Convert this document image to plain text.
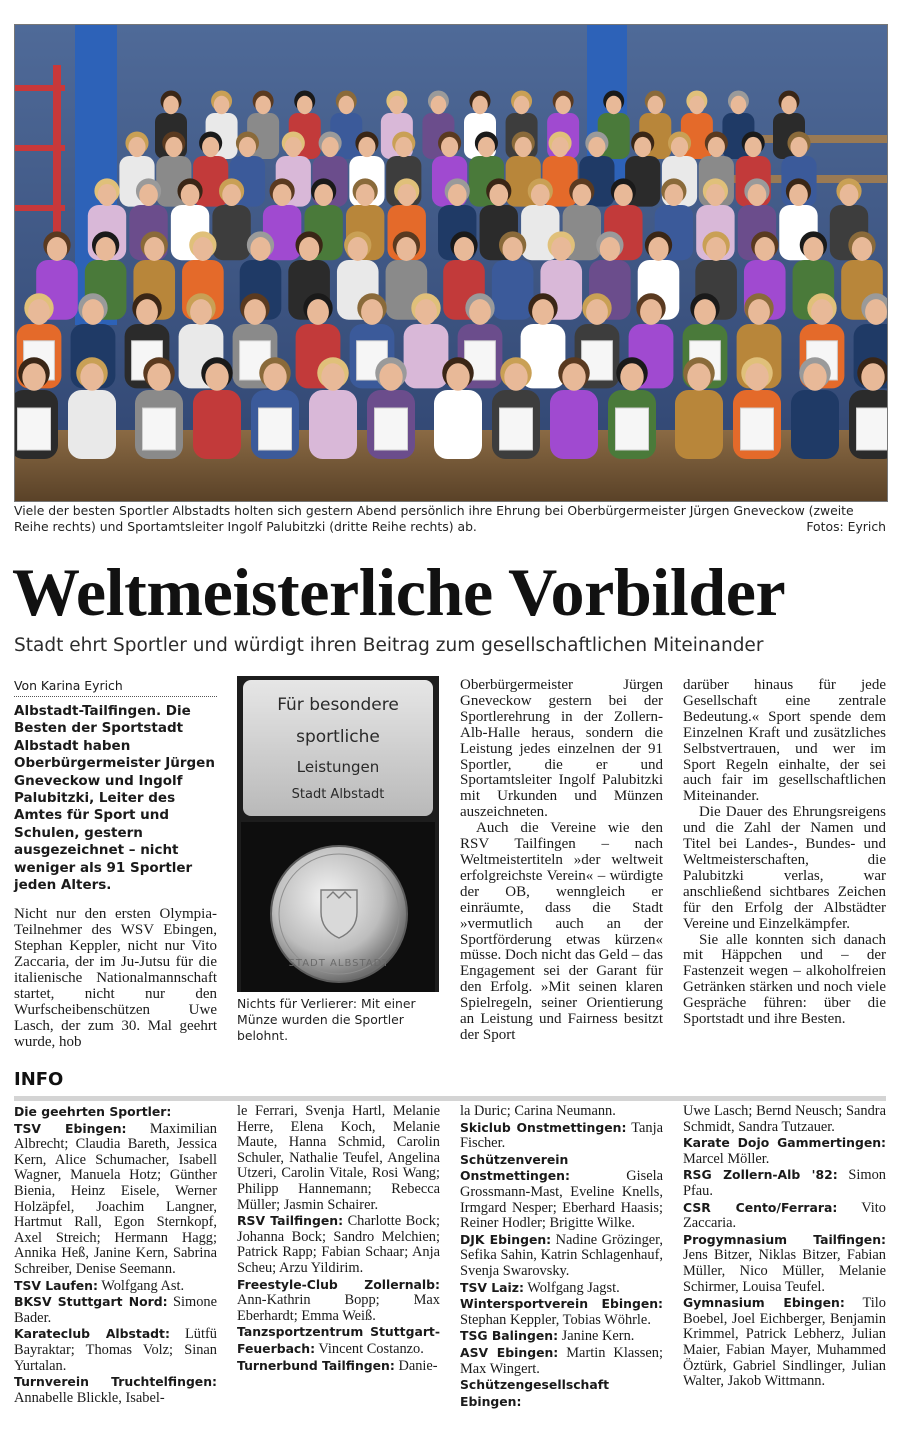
Viele der besten Sportler Albstadts holten sich gestern Abend persönlich ihre Ehrung bei Oberbürgermeister Jürgen Gneveckow (zweite Reihe rechts) und Sportamtsleiter Ingolf Palubitzki (dritte Reihe rechts) ab.	Fotos: Eyrich
Weltmeisterliche Vorbilder
Stadt ehrt Sportler und würdigt ihren Beitrag zum gesellschaftlichen Miteinander
Von Karina Eyrich

Albstadt-Tailfingen. Die Besten der Sportstadt Albstadt haben Oberbürgermeister Jürgen Gneveckow und Ingolf Palubitzki, Leiter des Amtes für Sport und Schulen, gestern ausgezeichnet – nicht weniger als 91 Sportler jeden Alters.

Nicht nur den ersten Olympia-Teilnehmer des WSV Ebingen, Stephan Keppler, nicht nur Vito Zaccaria, der im Ju-Jutsu für die italienische Nationalmannschaft startet, nicht nur den Wurfscheibenschützen Uwe Lasch, der zum 30. Mal geehrt wurde, hob

Für besondere
sportliche
Leistungen
Stadt Albstadt
STADT ALBSTADT
Nichts für Verlierer: Mit einer Münze wurden die Sportler belohnt.

Oberbürgermeister Jürgen Gneveckow gestern bei der Sportlerehrung in der Zollern-Alb-Halle heraus, sondern die Leistung jedes einzelnen der 91 Sportler, die er und Sportamtsleiter Ingolf Palubitzki mit Urkunden und Münzen auszeichneten.

Auch die Vereine wie den RSV Tailfingen – nach Weltmeistertiteln »der weltweit erfolgreichste Verein« – würdigte der OB, wenngleich er einräumte, dass die Stadt »vermutlich auch an der Sportförderung etwas kürzen« müsse. Doch nicht das Geld – das Engagement sei der Garant für den Erfolg. »Mit seinen klaren Spielregeln, seiner Orientierung an Leistung und Fairness besitzt der Sport

darüber hinaus für jede Gesellschaft eine zentrale Bedeutung.« Sport spende dem Einzelnen Kraft und zusätzliches Selbstvertrauen, und wer im Sport Regeln einhalte, der sei auch fair im gesellschaftlichen Miteinander.

Die Dauer des Ehrungsreigens und die Zahl der Namen und Titel bei Landes-, Bundes- und Weltmeisterschaften, die Palubitzki verlas, war anschließend sichtbares Zeichen für den Erfolg der Albstädter Vereine und Einzelkämpfer.

Sie alle konnten sich danach mit Häppchen und – der Fastenzeit wegen – alkoholfreien Getränken stärken und noch viele Gespräche führen: über die Sportstadt und ihre Besten.

INFO
Die geehrten Sportler:
TSV Ebingen: Maximilian Albrecht; Claudia Bareth, Jessica Kern, Alice Schumacher, Isabell Wagner, Manuela Hotz; Günther Bienia, Heinz Eisele, Werner Holzäpfel, Joachim Langner, Hartmut Rall, Egon Sternkopf, Axel Streich; Hermann Hagg; Annika Heß, Janine Kern, Sabrina Schreiber, Denise Seemann.
TSV Laufen: Wolfgang Ast.
BKSV Stuttgart Nord: Simone Bader.
Karateclub Albstadt: Lütfü Bayraktar; Thomas Volz; Sinan Yurtalan.
Turnverein Truchtelfingen: Annabelle Blickle, Isabel-

le Ferrari, Svenja Hartl, Melanie Herre, Elena Koch, Melanie Maute, Hanna Schmid, Carolin Schuler, Nathalie Teufel, Angelina Utzeri, Carolin Vitale, Rosi Wang; Philipp Hannemann; Rebecca Müller; Jasmin Schairer.
RSV Tailfingen: Charlotte Bock; Johanna Bock; Sandro Melchien; Patrick Rapp; Fabian Schaar; Anja Scheu; Arzu Yildirim.
Freestyle-Club Zollernalb: Ann-Kathrin Bopp; Max Eberhardt; Emma Weiß.
Tanzsportzentrum Stuttgart-Feuerbach: Vincent Costanzo.
Turnerbund Tailfingen: Danie-

la Duric; Carina Neumann.
Skiclub Onstmettingen: Tanja Fischer.
Schützenverein Onstmettingen:	Gisela Grossmann-Mast, Eveline Knells, Irmgard Nesper; Eberhard Haasis; Reiner Hodler; Brigitte Wilke.
DJK Ebingen: Nadine Grözinger, Sefika Sahin, Katrin Schlagenhauf, Svenja Swarovsky.
TSV Laiz: Wolfgang Jagst.
Wintersportverein Ebingen: Stephan Keppler, Tobias Wöhrle.
TSG Balingen: Janine Kern.
ASV Ebingen: Martin Klassen; Max Wingert.
Schützengesellschaft Ebingen:

Uwe Lasch; Bernd Neusch; Sandra Schmidt, Sandra Tutzauer.
Karate Dojo Gammertingen: Marcel Möller.
RSG Zollern-Alb '82: Simon Pfau.
CSR Cento/Ferrara: Vito Zaccaria.
Progymnasium Tailfingen: Jens Bitzer, Niklas Bitzer, Fabian Müller, Nico Müller, Melanie Schirmer, Louisa Teufel.
Gymnasium Ebingen: Tilo Boebel, Joel Eichberger, Benjamin Krimmel, Patrick Lebherz, Julian Maier, Fabian Mayer, Muhammed Öztürk, Gabriel Sindlinger, Julian Walter, Jakob Wittmann.
